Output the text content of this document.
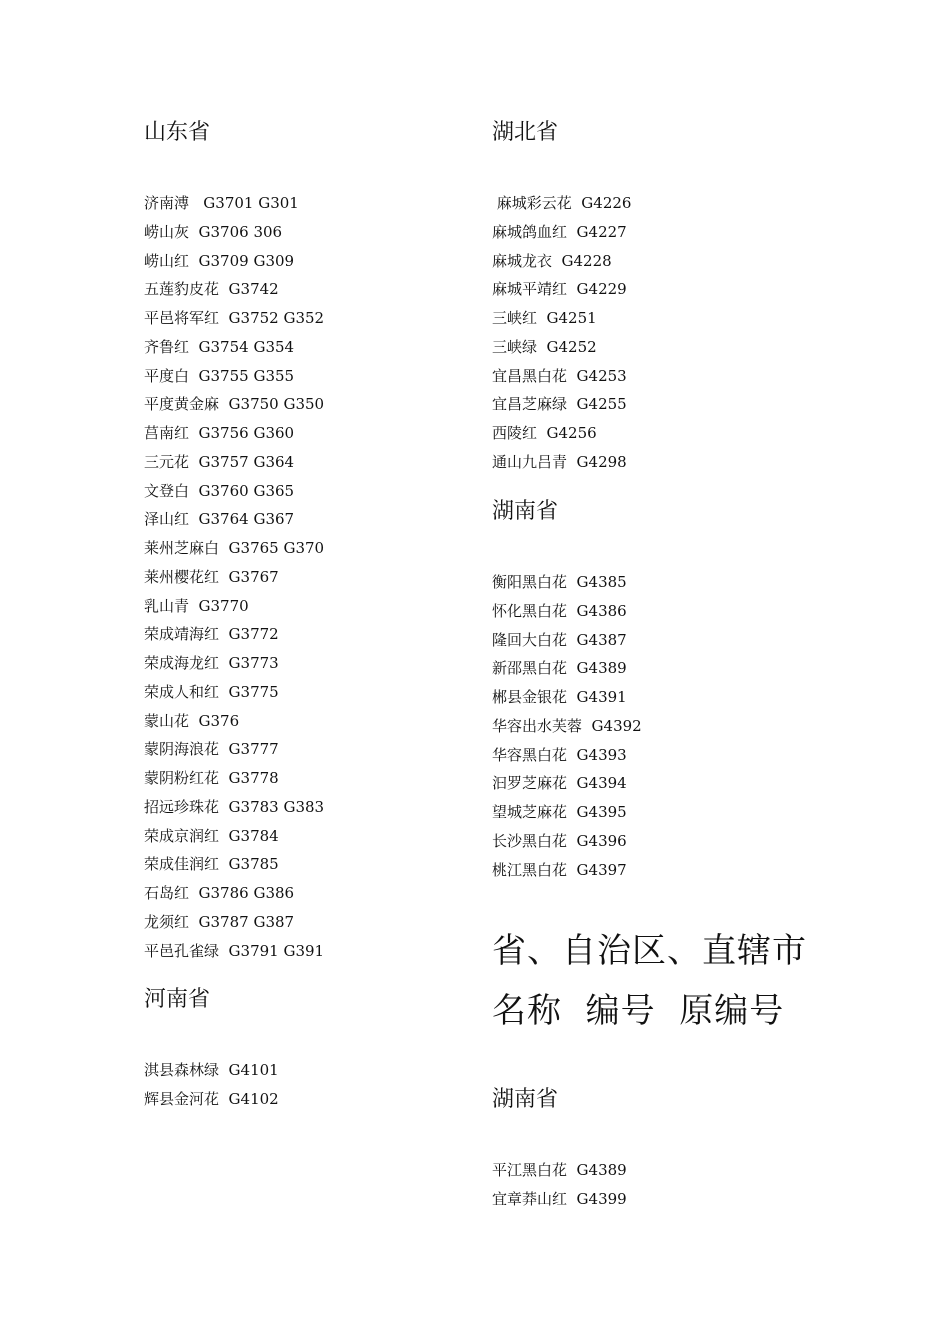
山东省
济南溥   G3701 G301
崂山灰  G3706 306
崂山红  G3709 G309
五莲豹皮花  G3742
平邑将军红  G3752 G352
齐鲁红  G3754 G354
平度白  G3755 G355
平度黄金麻  G3750 G350
莒南红  G3756 G360
三元花  G3757 G364
文登白  G3760 G365
泽山红  G3764 G367
莱州芝麻白  G3765 G370
莱州樱花红  G3767
乳山青  G3770
荣成靖海红  G3772
荣成海龙红  G3773
荣成人和红  G3775
蒙山花  G376
蒙阴海浪花  G3777
蒙阴粉红花  G3778
招远珍珠花  G3783 G383
荣成京润红  G3784
荣成佳润红  G3785
石岛红  G3786 G386
龙须红  G3787 G387
平邑孔雀绿  G3791 G391
河南省
淇县森林绿  G4101
辉县金河花  G4102
湖北省
麻城彩云花  G4226
麻城鸽血红  G4227
麻城龙衣  G4228
麻城平靖红  G4229
三峡红  G4251
三峡绿  G4252
宜昌黑白花  G4253
宜昌芝麻绿  G4255
西陵红  G4256
通山九吕青  G4298
湖南省
衡阳黑白花  G4385
怀化黑白花  G4386
隆回大白花  G4387
新邵黑白花  G4389
郴县金银花  G4391
华容出水芙蓉  G4392
华容黑白花  G4393
汩罗芝麻花  G4394
望城芝麻花  G4395
长沙黑白花  G4396
桃江黑白花  G4397
省、自治区、直辖市
名称  编号  原编号
湖南省
平江黑白花  G4389
宜章莽山红  G4399
